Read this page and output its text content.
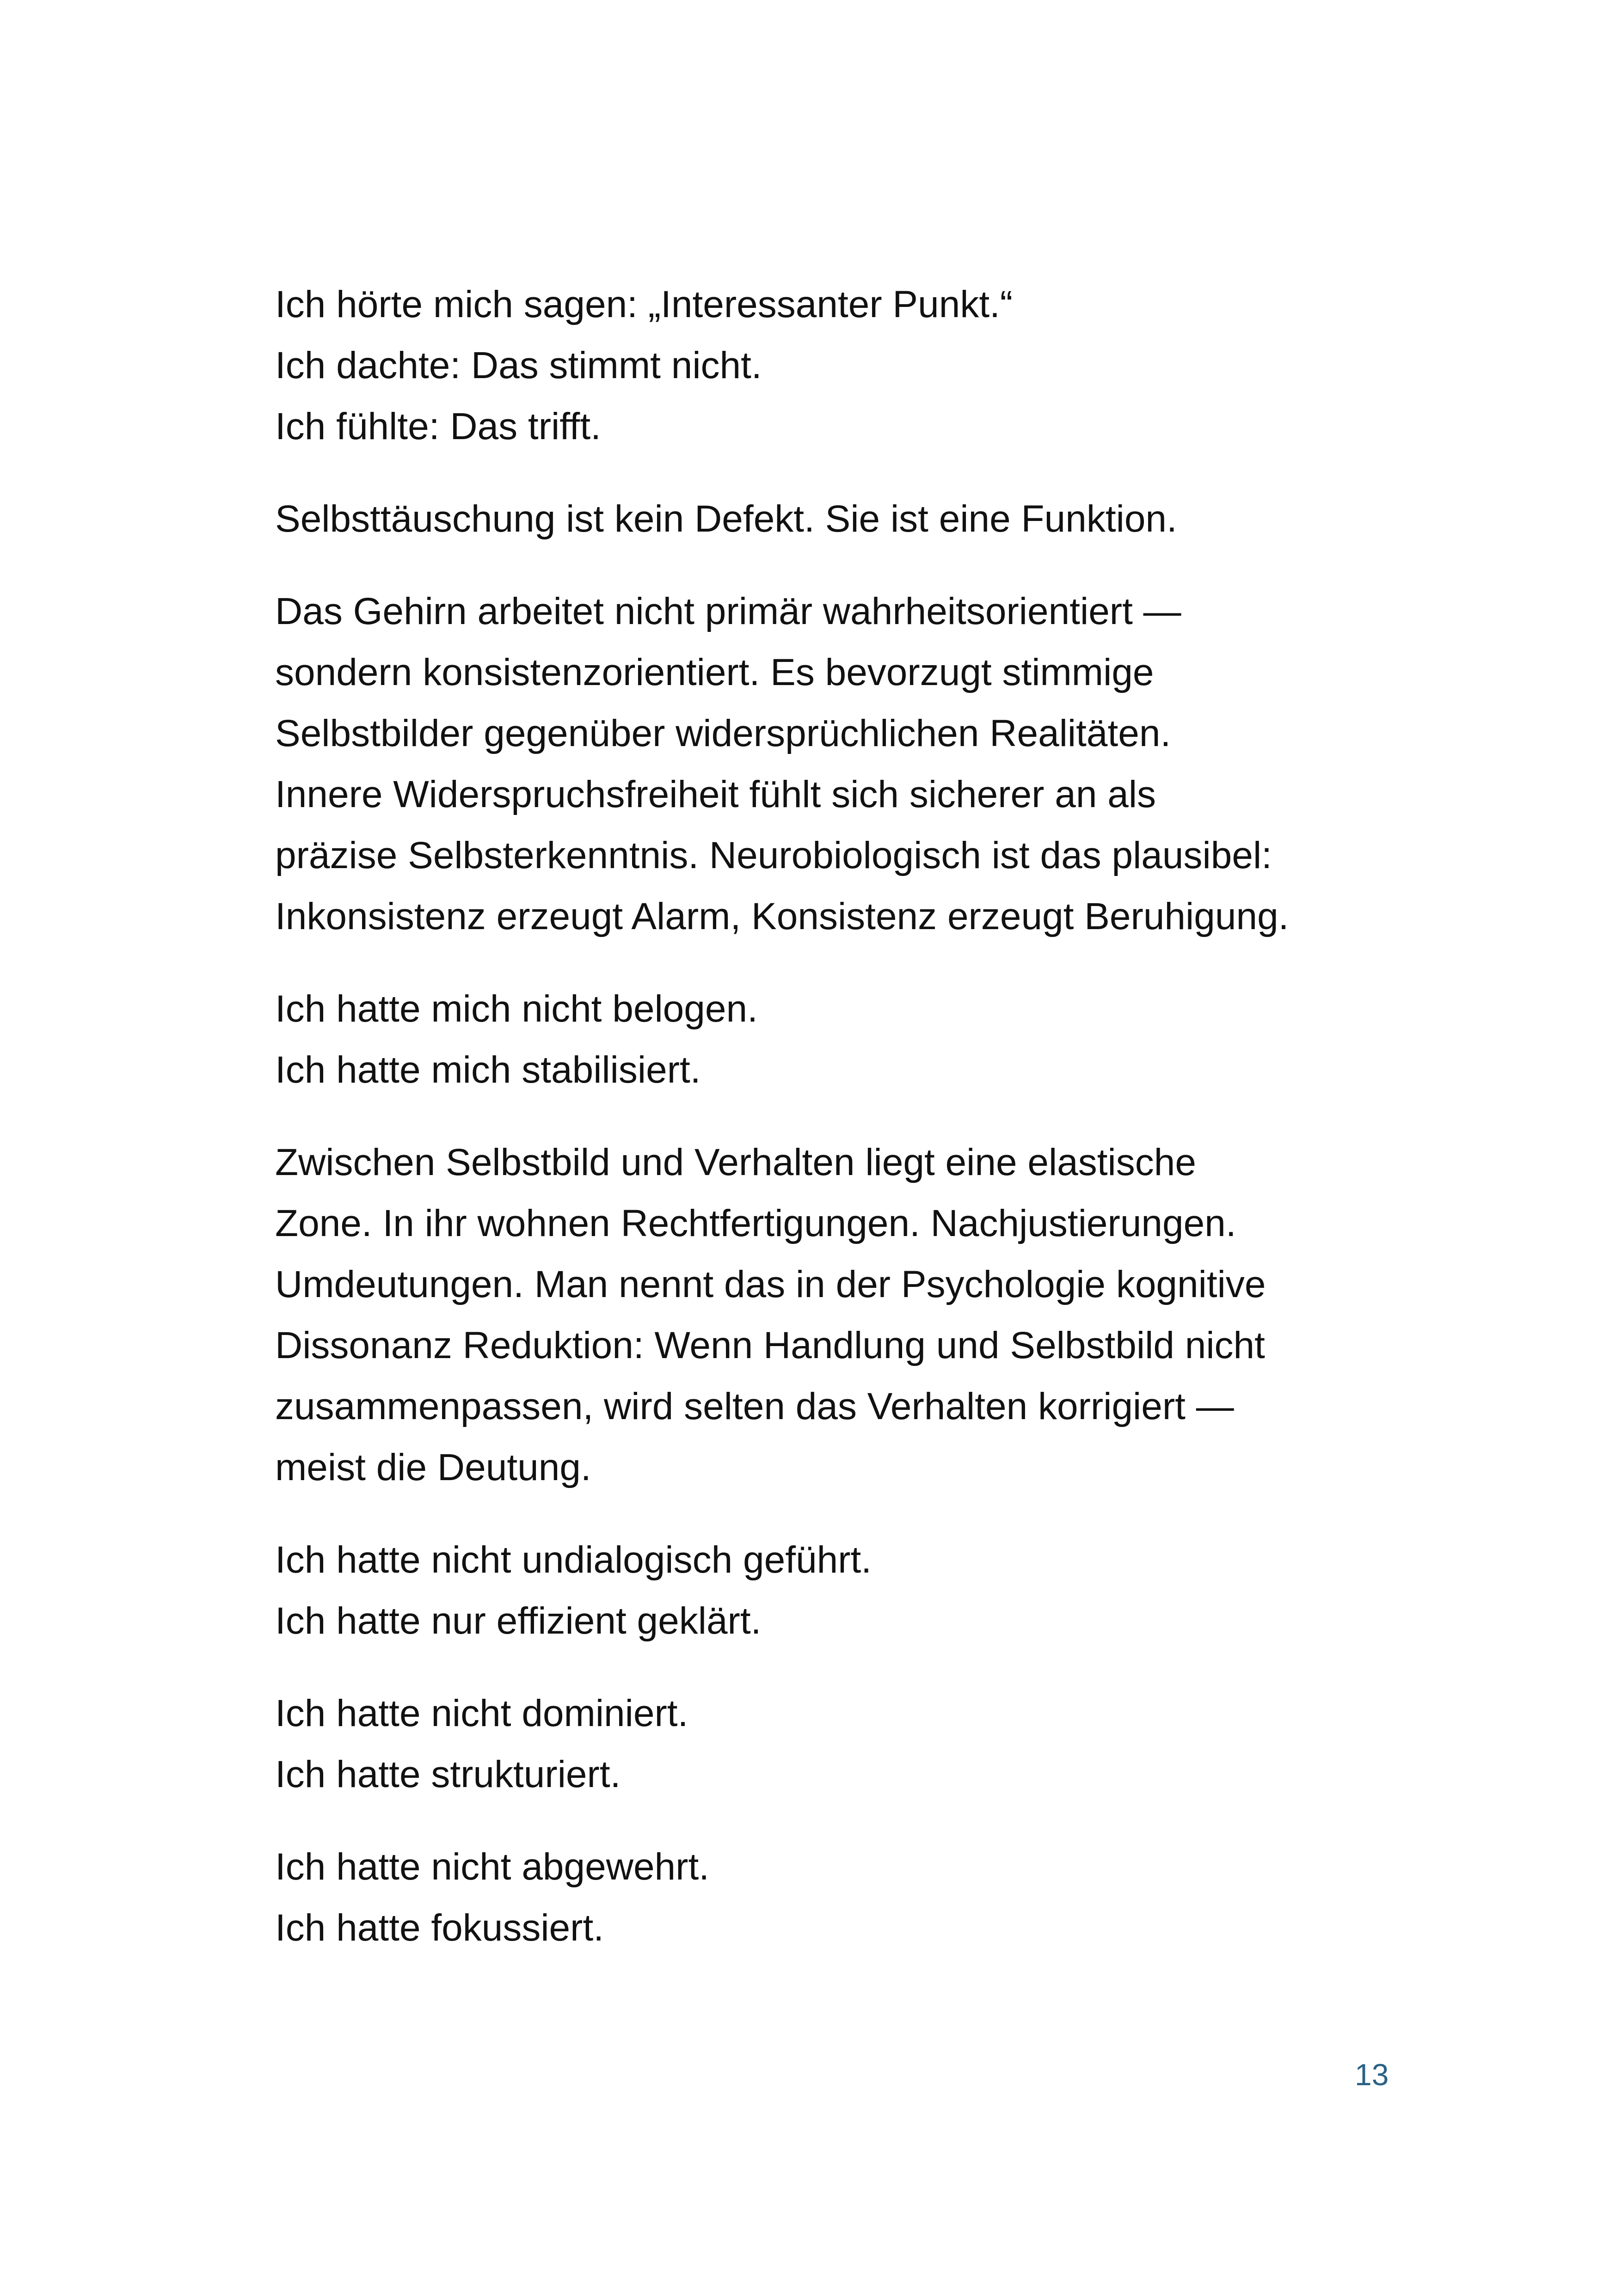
Ich hörte mich sagen: „Interessanter Punkt.“
Ich dachte: Das stimmt nicht.
Ich fühlte: Das trifft.

Selbsttäuschung ist kein Defekt. Sie ist eine Funktion.

Das Gehirn arbeitet nicht primär wahrheitsorientiert —
sondern konsistenzorientiert. Es bevorzugt stimmige
Selbstbilder gegenüber widersprüchlichen Realitäten.
Innere Widerspruchsfreiheit fühlt sich sicherer an als
präzise Selbsterkenntnis. Neurobiologisch ist das plausibel:
Inkonsistenz erzeugt Alarm, Konsistenz erzeugt Beruhigung.

Ich hatte mich nicht belogen.
Ich hatte mich stabilisiert.

Zwischen Selbstbild und Verhalten liegt eine elastische
Zone. In ihr wohnen Rechtfertigungen. Nachjustierungen.
Umdeutungen. Man nennt das in der Psychologie kognitive
Dissonanz Reduktion: Wenn Handlung und Selbstbild nicht
zusammenpassen, wird selten das Verhalten korrigiert —
meist die Deutung.

Ich hatte nicht undialogisch geführt.
Ich hatte nur effizient geklärt.

Ich hatte nicht dominiert.
Ich hatte strukturiert.

Ich hatte nicht abgewehrt.
Ich hatte fokussiert.

13
